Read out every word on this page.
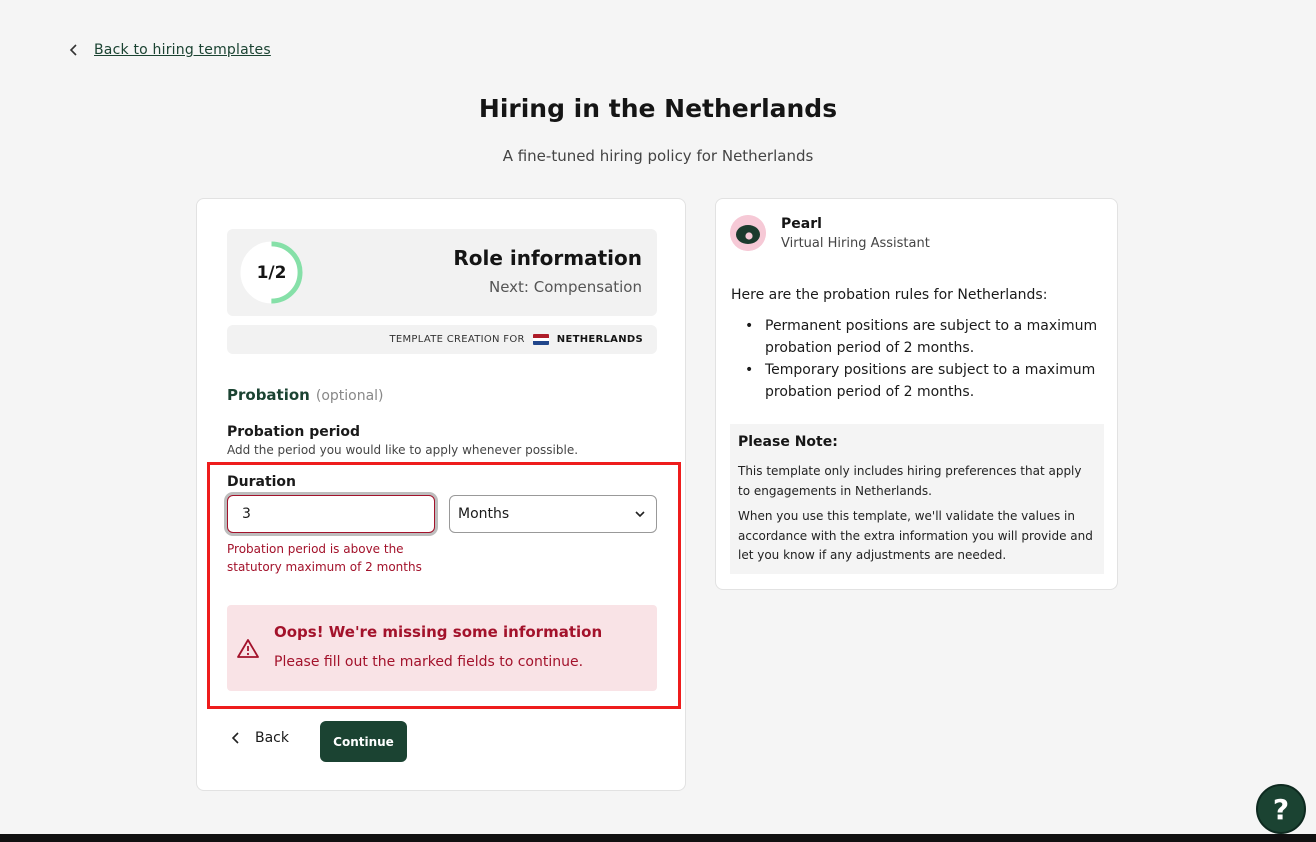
Back to hiring templates
Hiring in the Netherlands
A fine-tuned hiring policy for Netherlands
1/2
Role information
Next: Compensation
TEMPLATE CREATION FOR	NETHERLANDS
Probation (optional)
Probation period
Add the period you would like to apply whenever possible.
Duration
3
Months
Probation period is above the statutory maximum of 2 months
Oops! We're missing some information
Please fill out the marked fields to continue.
Back	Continue
Pearl
Virtual Hiring Assistant
Here are the probation rules for Netherlands:
• Permanent positions are subject to a maximum probation period of 2 months.
• Temporary positions are subject to a maximum probation period of 2 months.
Please Note:

This template only includes hiring preferences that apply to engagements in Netherlands.

When you use this template, we'll validate the values in accordance with the extra information you will provide and let you know if any adjustments are needed.

?
